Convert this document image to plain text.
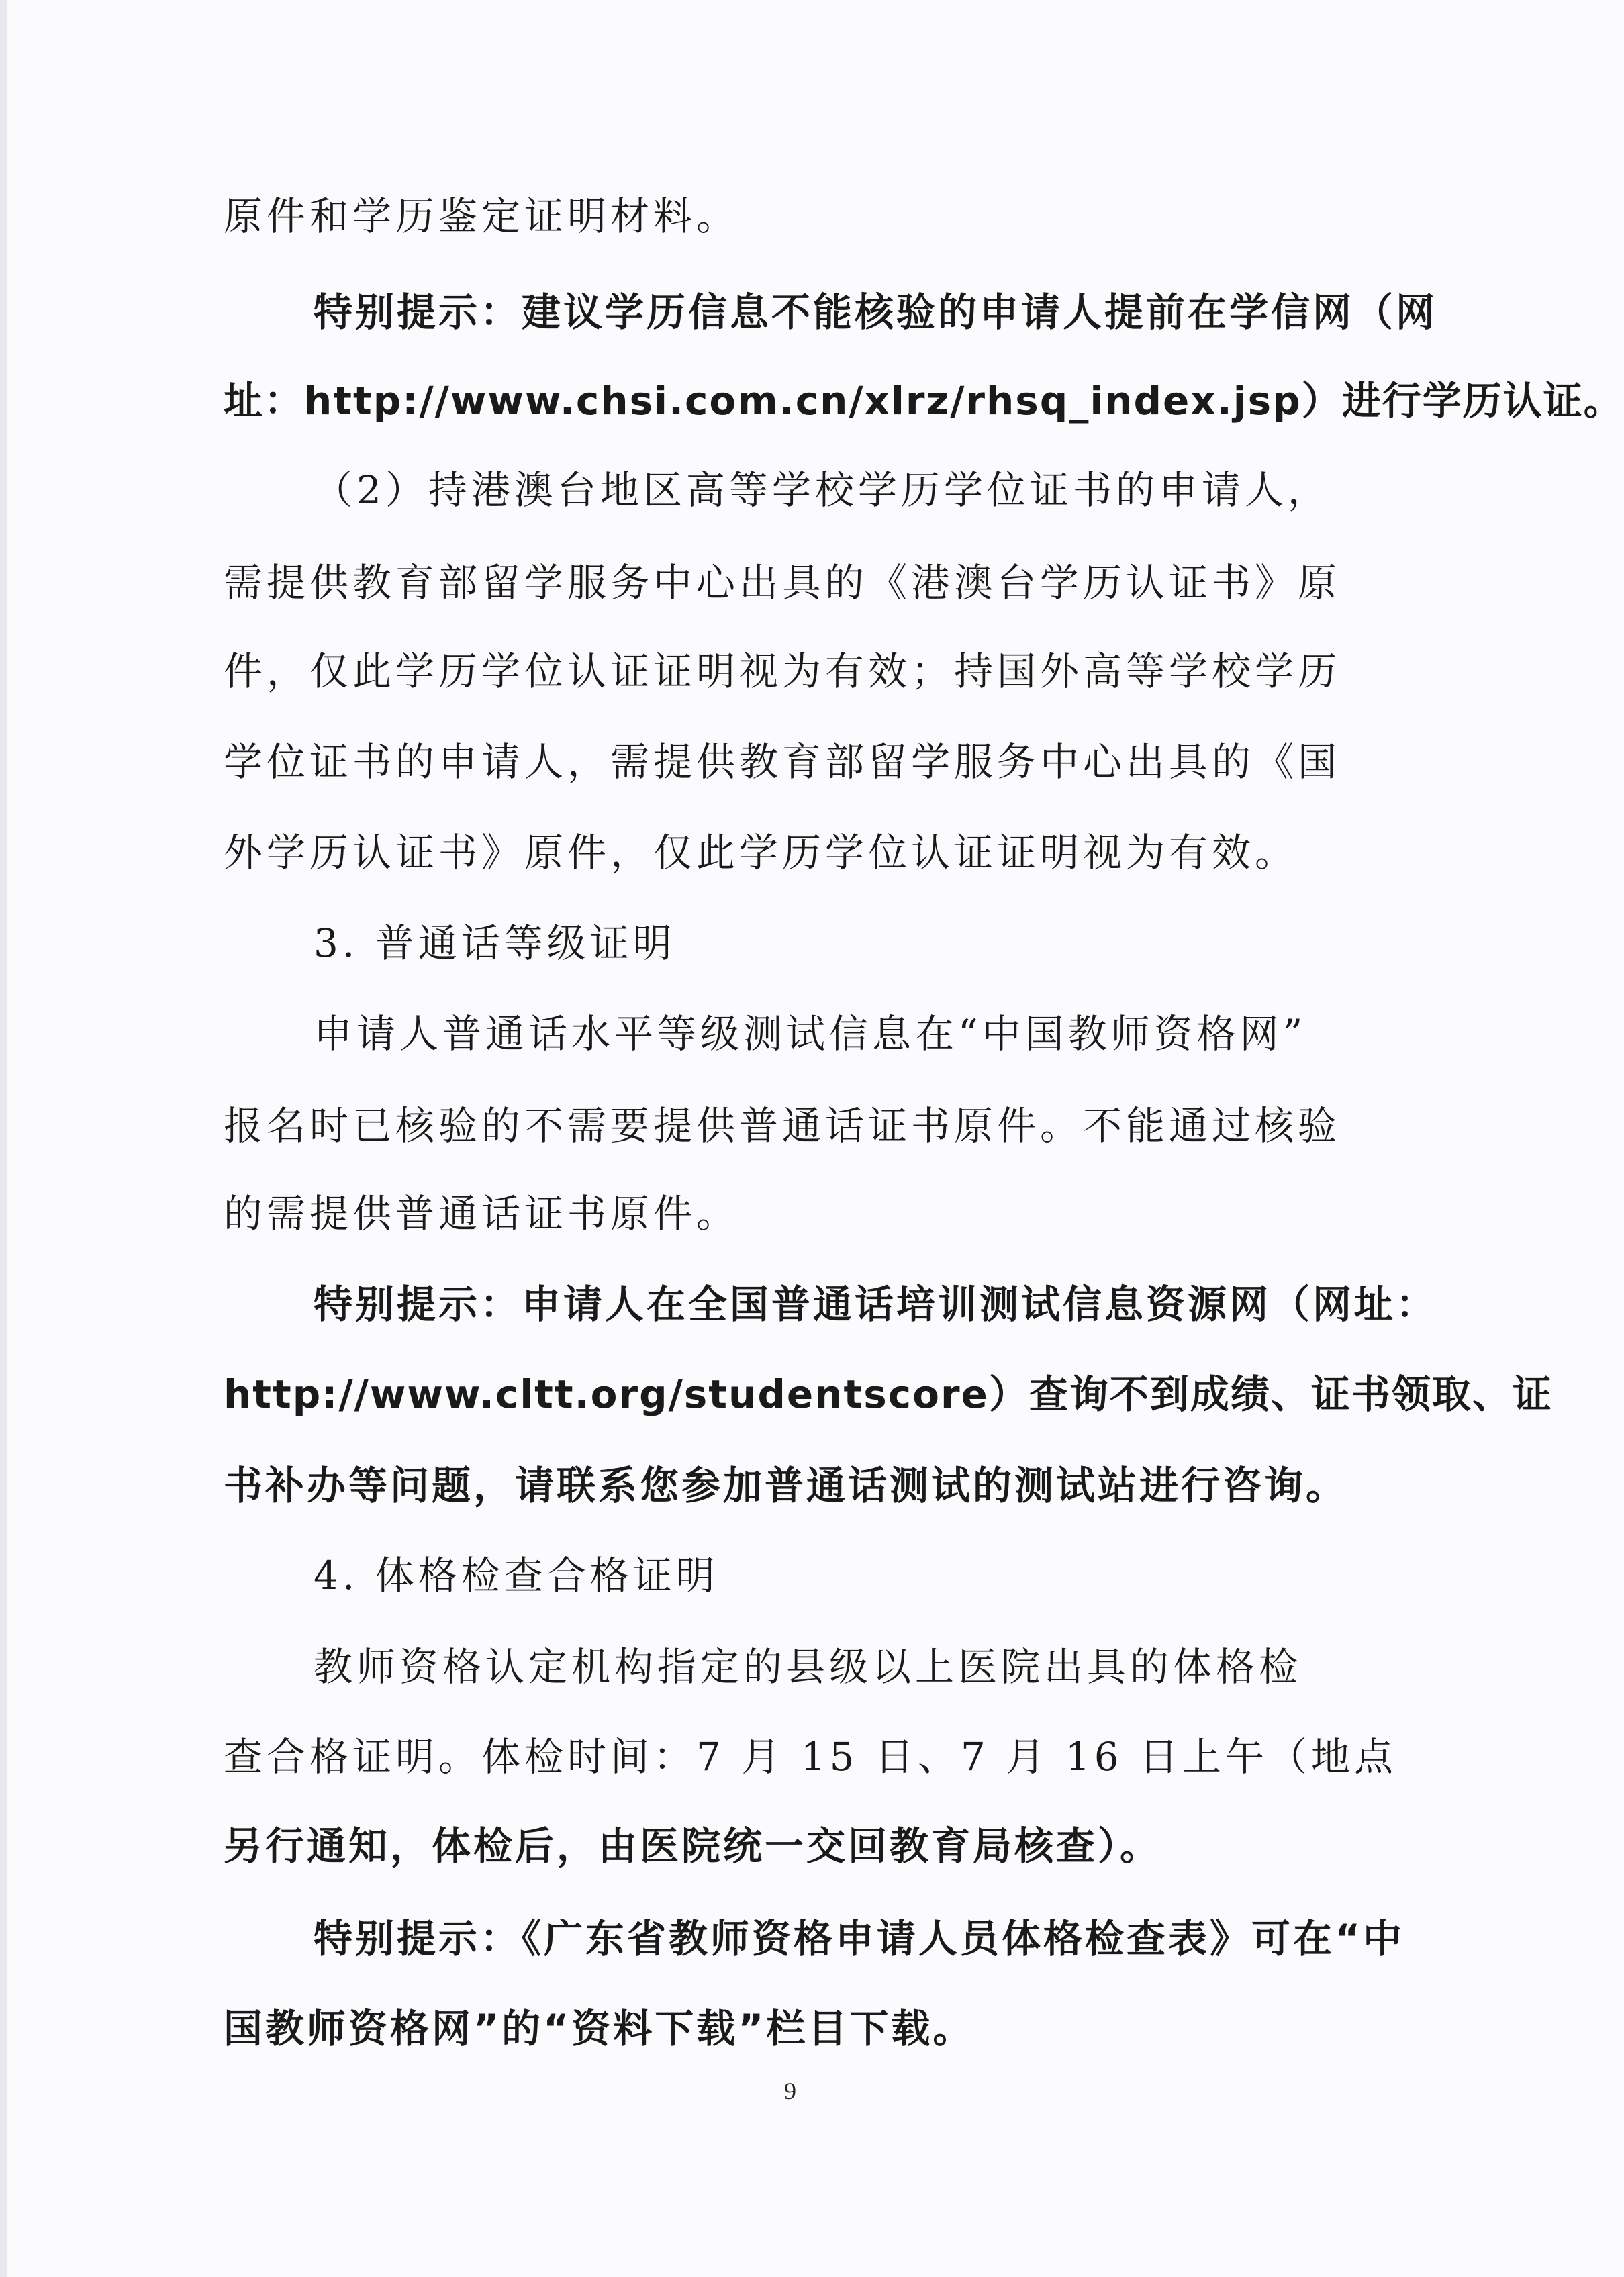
原件和学历鉴定证明材料。
特别提示：建议学历信息不能核验的申请人提前在学信网（网
址：http://www.chsi.com.cn/xlrz/rhsq_index.jsp）进行学历认证。
（2）持港澳台地区高等学校学历学位证书的申请人，
需提供教育部留学服务中心出具的《港澳台学历认证书》原
件，仅此学历学位认证证明视为有效；持国外高等学校学历
学位证书的申请人，需提供教育部留学服务中心出具的《国
外学历认证书》原件，仅此学历学位认证证明视为有效。
3. 普通话等级证明
申请人普通话水平等级测试信息在“中国教师资格网”
报名时已核验的不需要提供普通话证书原件。不能通过核验
的需提供普通话证书原件。
特别提示：申请人在全国普通话培训测试信息资源网（网址：
http://www.cltt.org/studentscore）查询不到成绩、证书领取、证
书补办等问题，请联系您参加普通话测试的测试站进行咨询。
4. 体格检查合格证明
教师资格认定机构指定的县级以上医院出具的体格检
查合格证明。体检时间：7 月 15 日、7 月 16 日上午（地点
另行通知，体检后，由医院统一交回教育局核查）。
特别提示：《广东省教师资格申请人员体格检查表》可在“中
国教师资格网”的“资料下载”栏目下载。
9
